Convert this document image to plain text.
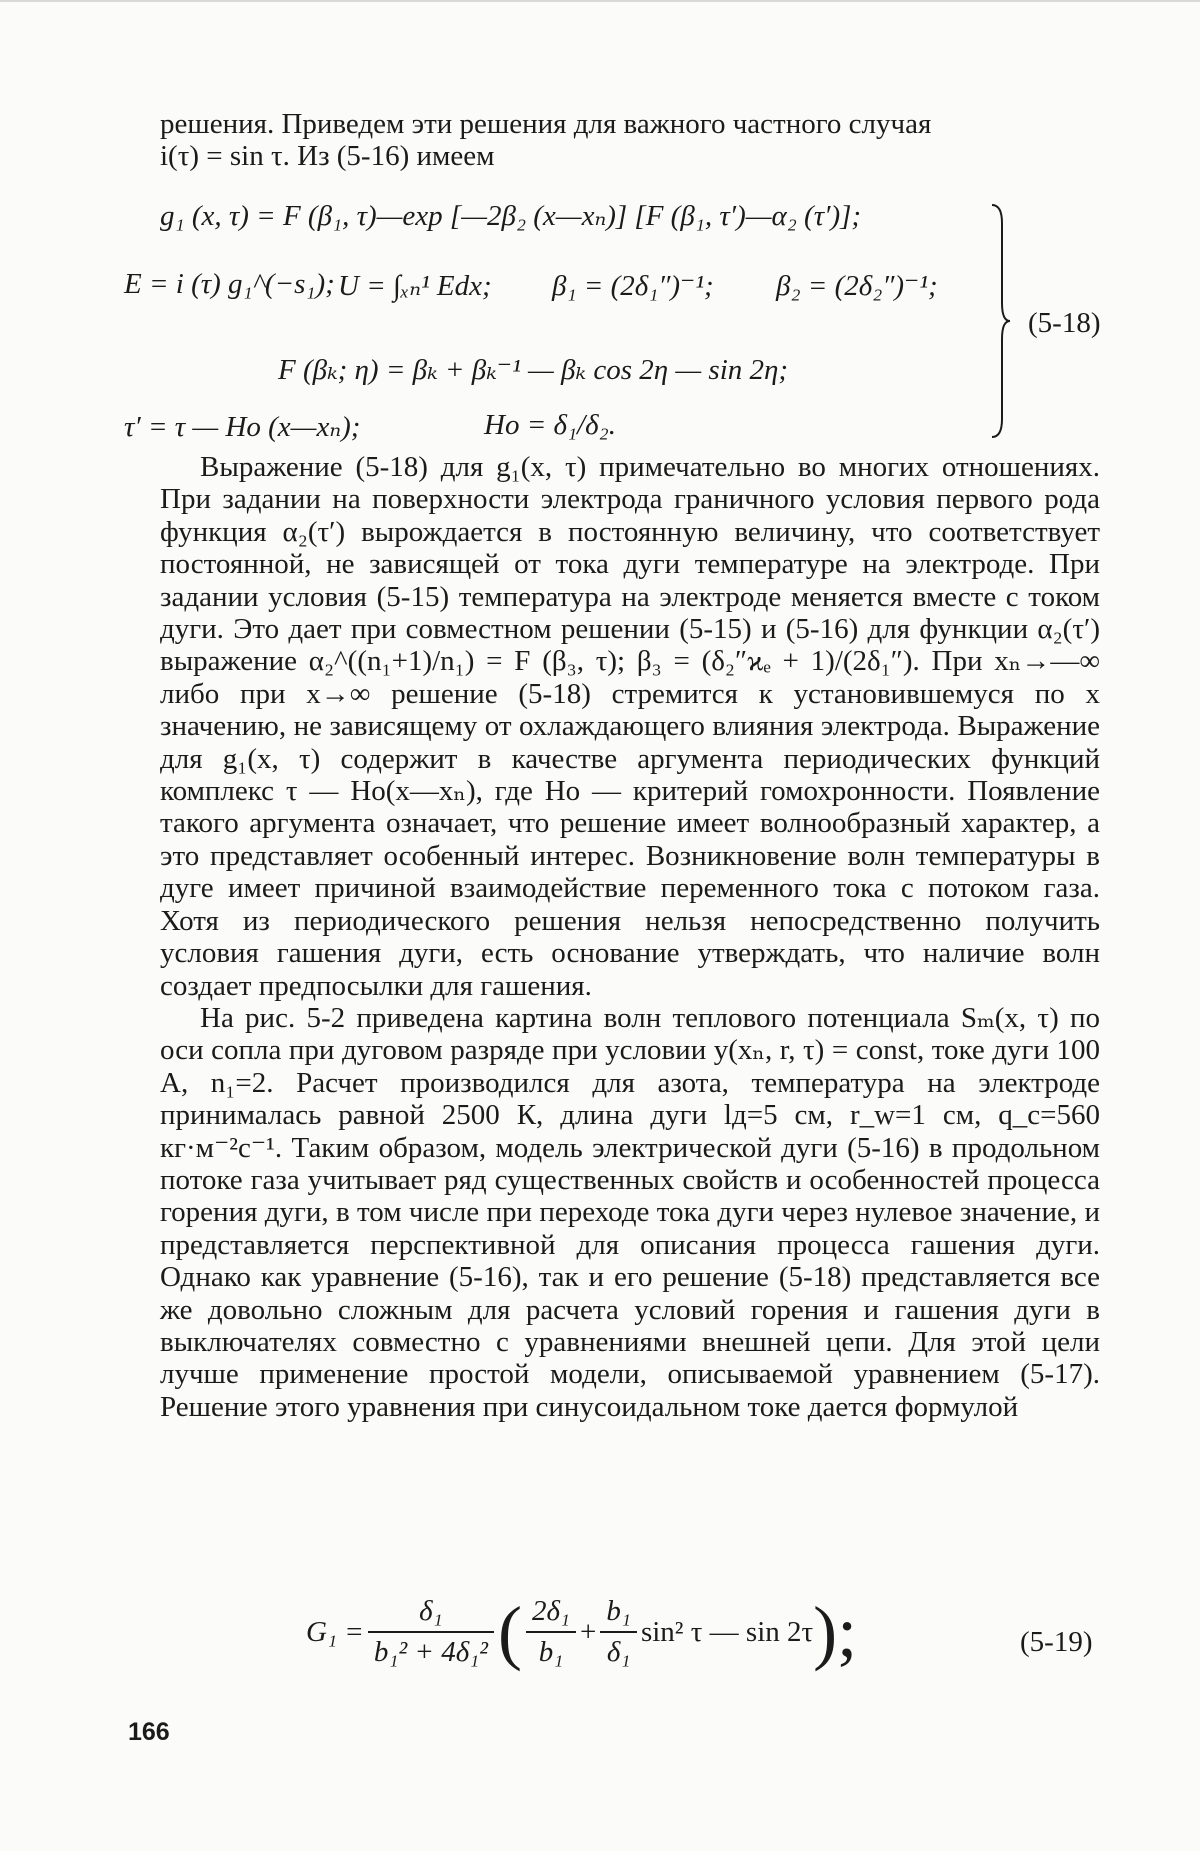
решения. Приведем эти решения для важного частного случая

i(τ) = sin τ. Из (5-16) имеем

g₁ (x, τ) = F (β₁, τ)—exp [—2β₂ (x—xₙ)] [F (β₁, τ′)—α₂ (τ′)];
E = i (τ) g₁^(−s₁); U = ∫ₓₙ¹ Edx; β₁ = (2δ₁″)⁻¹; β₂ = (2δ₂″)⁻¹;
F (βₖ; η) = βₖ + βₖ⁻¹ — βₖ cos 2η — sin 2η;
τ′ = τ — Ho (x—xₙ);	Ho = δ₁/δ₂.
(5-18)

Выражение (5-18) для g₁(x, τ) примечательно во многих отношениях. При задании на поверхности электрода граничного условия первого рода функция α₂(τ′) вырождается в постоянную величину, что соответствует постоянной, не зависящей от тока дуги температуре на электроде. При задании условия (5-15) температура на электроде меняется вместе с током дуги. Это дает при совместном решении (5-15) и (5-16) для функции α₂(τ′) выражение α₂^((n₁+1)/n₁) = F (β₃, τ); β₃ = (δ₂″ϰₑ + 1)/(2δ₁″). При xₙ→—∞ либо при x→∞ решение (5-18) стремится к установившемуся по x значению, не зависящему от охлаждающего влияния электрода. Выражение для g₁(x, τ) содержит в качестве аргумента периодических функций комплекс τ — Ho(x—xₙ), где Ho — критерий гомохронности. Появление такого аргумента означает, что решение имеет волнообразный характер, а это представляет особенный интерес. Возникновение волн температуры в дуге имеет причиной взаимодействие переменного тока с потоком газа. Хотя из периодического решения нельзя непосредственно получить условия гашения дуги, есть основание утверждать, что наличие волн создает предпосылки для гашения.

На рис. 5-2 приведена картина волн теплового потенциала Sₘ(x, τ) по оси сопла при дуговом разряде при условии y(xₙ, r, τ) = const, токе дуги 100 А, n₁=2. Расчет производился для азота, температура на электроде принималась равной 2500 К, длина дуги lд=5 см, r_w=1 см, q_c=560 кг·м⁻²с⁻¹. Таким образом, модель электрической дуги (5-16) в продольном потоке газа учитывает ряд существенных свойств и особенностей процесса горения дуги, в том числе при переходе тока дуги через нулевое значение, и представляется перспективной для описания процесса гашения дуги. Однако как уравнение (5-16), так и его решение (5-18) представляется все же довольно сложным для расчета условий горения и гашения дуги в выключателях совместно с уравнениями внешней цепи. Для этой цели лучше применение простой модели, описываемой уравнением (5-17). Решение этого уравнения при синусоидальном токе дается формулой

$G_1 = \frac{\text{δ₁}}{\text{b₁² + 4δ₁²}}$ ( $\frac{\text{2δ₁}}{\text{b₁}} + \frac{\text{b₁}}{\text{δ₁}} \sin^2$ τ — sin 2τ );	(5-19)
166
